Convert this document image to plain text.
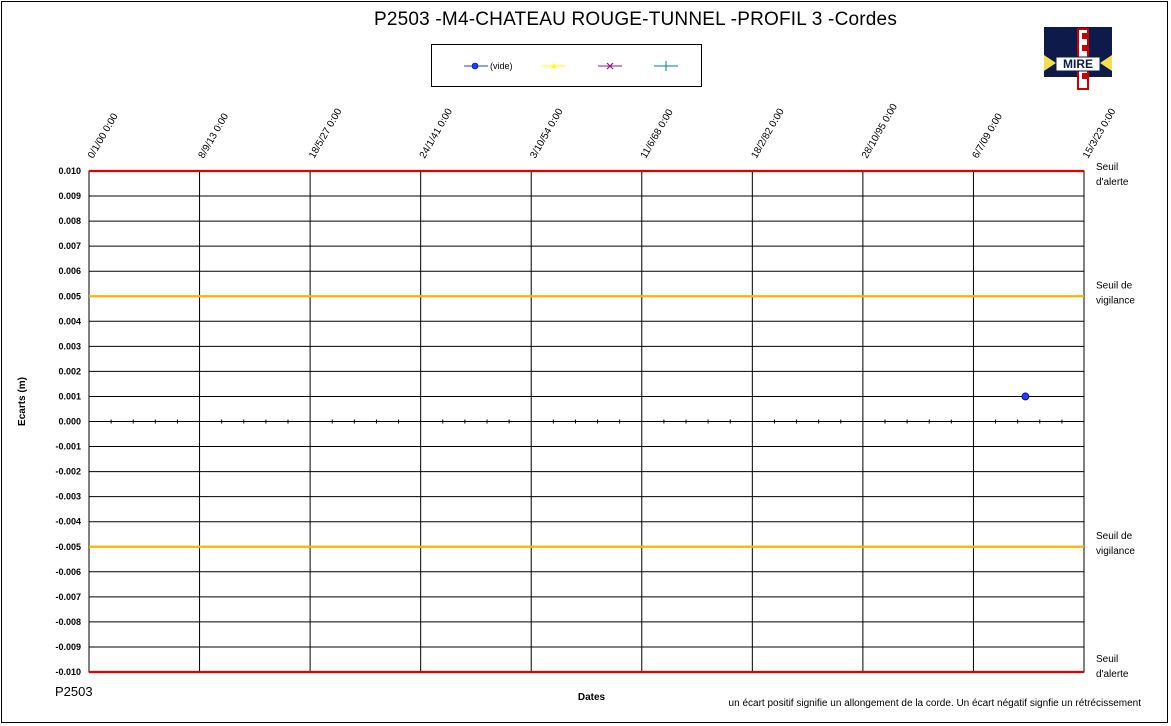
P2503 -M4-CHATEAU ROUGE-TUNNEL -PROFIL 3 -Cordes
(vide)	MIRE
Seuil
d'alerte
Seuil de
vigilance
Seuil de
vigilance
Seuil
d'alerte
0.010
0.009
0.008
0.007
0.006
0.005
0.004
0.003
0.002
0.001
0.000
-0.001
-0.002
-0.003
-0.004
-0.005
-0.006
-0.007
-0.008
-0.009
-0.010
0/1/00 0:00	8/9/13 0:00	18/5/27 0:00	24/1/41 0:00	3/10/54 0:00	11/6/68 0:00	18/2/82 0:00	28/10/95 0:00	6/7/09 0:00	15/3/23 0:00
Dates
Ecarts (m)
P2503
un écart positif signifie un allongement de la corde. Un écart négatif signfie un rétrécissement
